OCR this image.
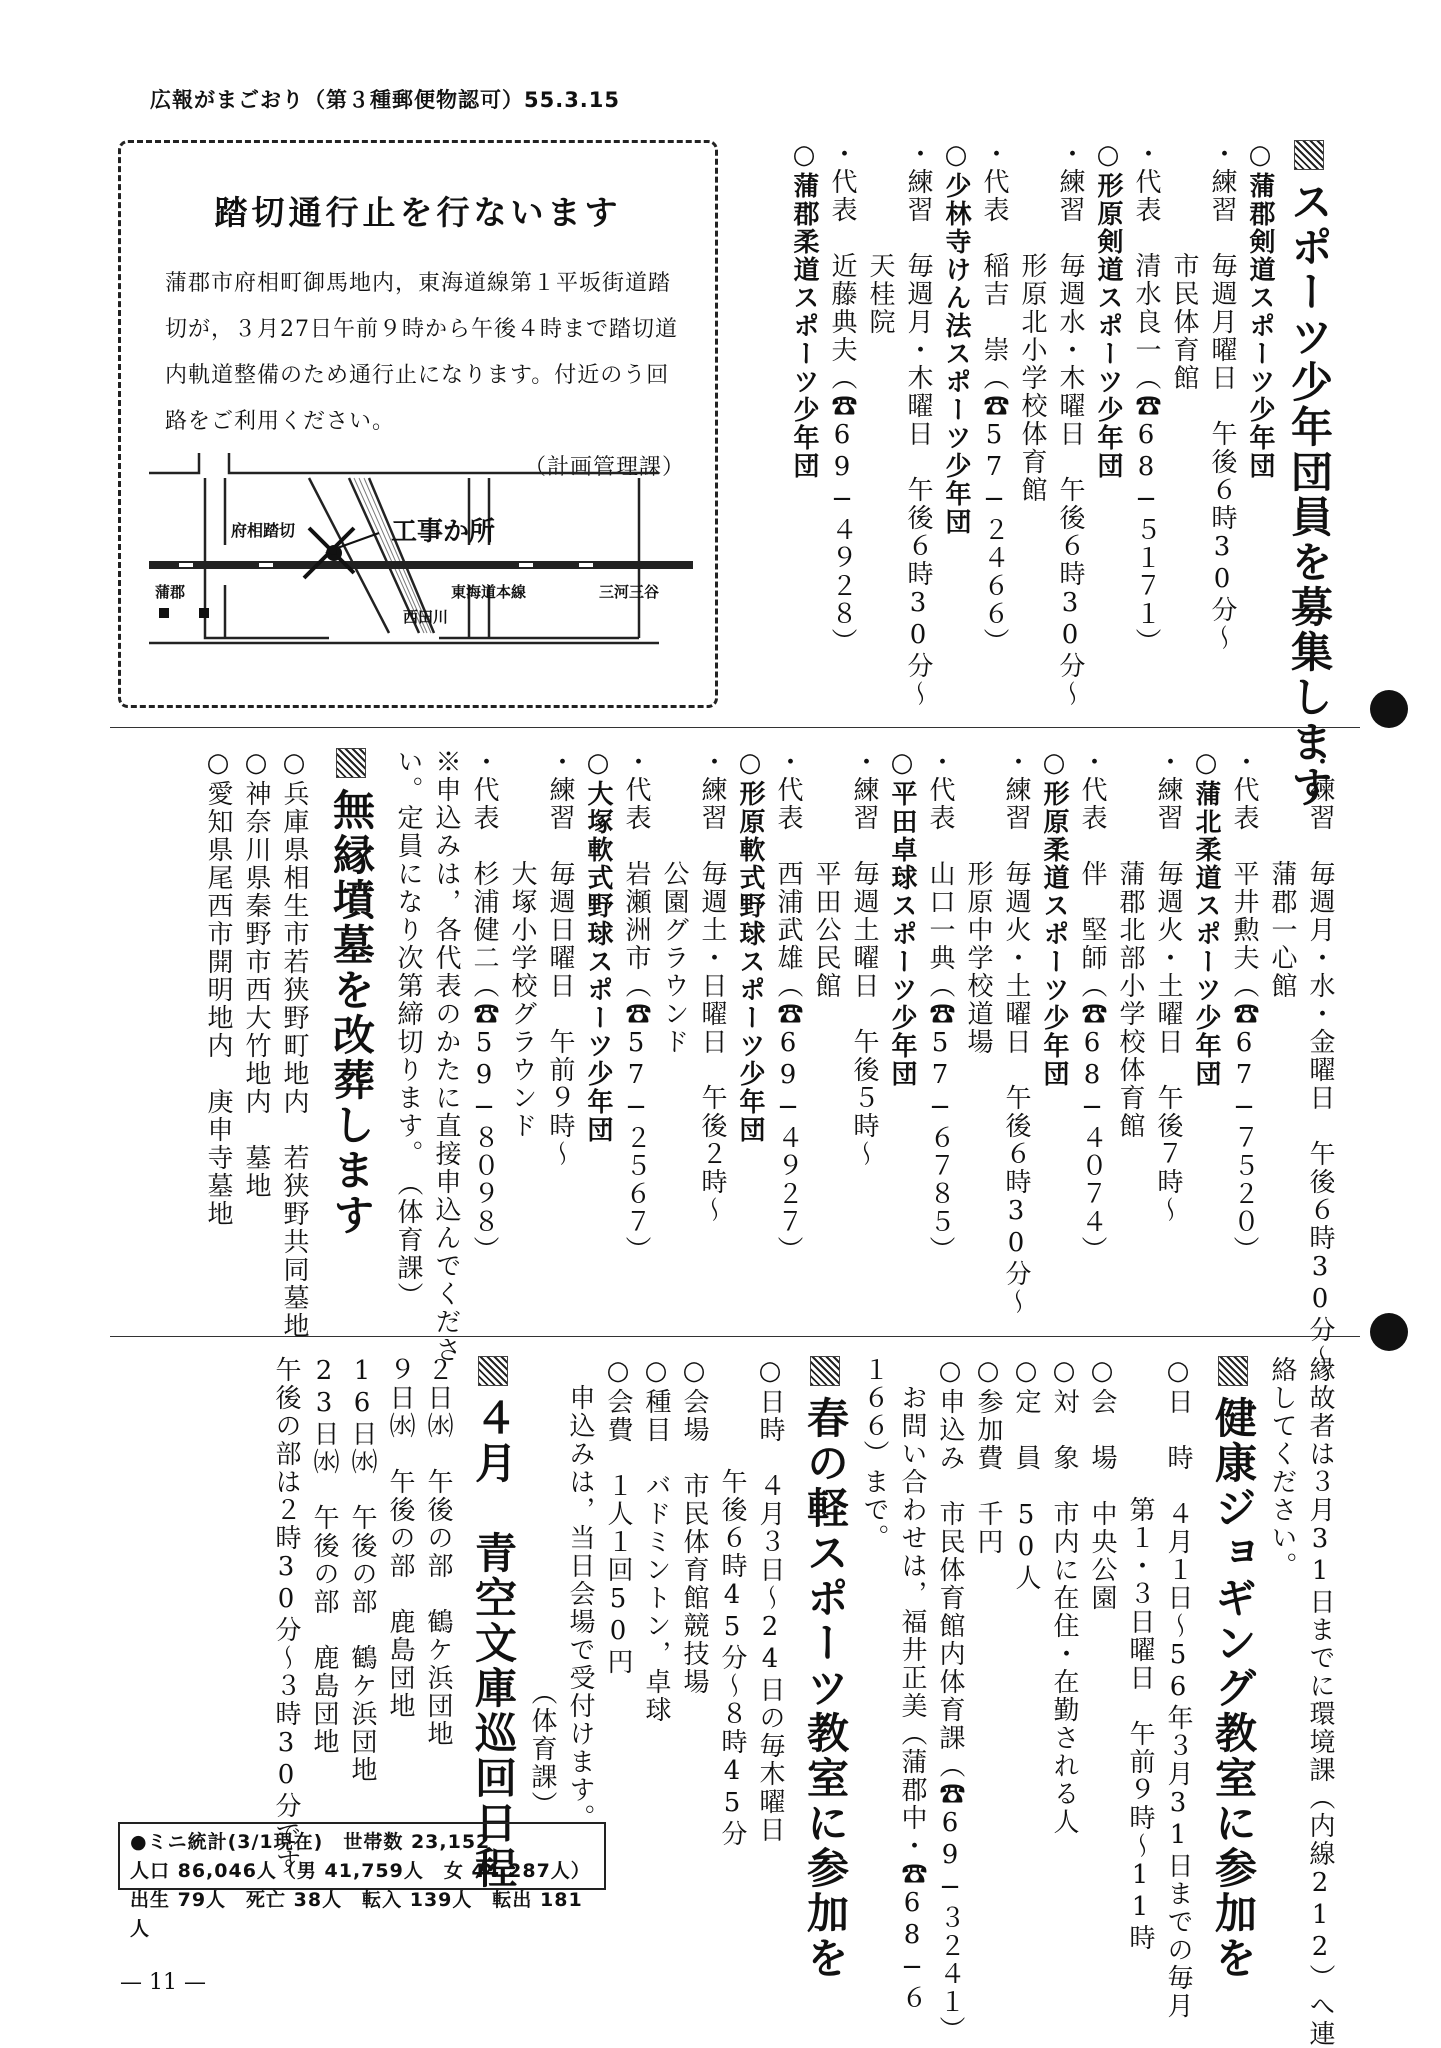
広報がまごおり（第３種郵便物認可）55.3.15
踏切通行止を行ないます
蒲郡市府相町御馬地内，東海道線第１平坂街道踏切が，３月27日午前９時から午後４時まで踏切道内軌道整備のため通行止になります。付近のう回路をご利用ください。
（計画管理課）
府相踏切	工事か所
蒲郡	東海道本線	三河三谷
西田川	スポーツ少年団員を募集します
○蒲郡剣道スポーツ少年団
・練習　毎週月曜日　午後６時30分〜
　　　　市民体育館
・代表　清水良一（☎68−５１７１）
○形原剣道スポーツ少年団
・練習　毎週水・木曜日　午後６時30分〜
　　　　形原北小学校体育館
・代表　稲吉　崇（☎57−２４６６）
○少林寺けん法スポーツ少年団
・練習　毎週月・木曜日　午後６時30分〜
　　　　天桂院
・代表　近藤典夫（☎69−４９２８）
○蒲郡柔道スポーツ少年団
・練習　毎週月・水・金曜日　午後６時30分〜
　　　　蒲郡一心館
・代表　平井勲夫（☎67−７５２０）
○蒲北柔道スポーツ少年団
・練習　毎週火・土曜日　午後７時〜
　　　　蒲郡北部小学校体育館
・代表　伴　堅師（☎68−４０７４）
○形原柔道スポーツ少年団
・練習　毎週火・土曜日　午後６時30分〜
　　　　形原中学校道場
・代表　山口一典（☎57−６７８５）
○平田卓球スポーツ少年団
・練習　毎週土曜日　午後５時〜
　　　　平田公民館
・代表　西浦武雄（☎69−４９２７）
○形原軟式野球スポーツ少年団
・練習　毎週土・日曜日　午後２時〜
　　　　公園グラウンド
・代表　岩瀬洲市（☎57−２５６７）
○大塚軟式野球スポーツ少年団
・練習　毎週日曜日　午前９時〜
　　　　大塚小学校グラウンド
・代表　杉浦健二（☎59−８０９８）
※申込みは，各代表のかたに直接申込んでくださ
い。定員になり次第締切ります。　（体育課）
無縁墳墓を改葬します
○兵庫県相生市若狭野町地内　若狭野共同墓地
○神奈川県秦野市西大竹地内　墓地
○愛知県尾西市開明地内　庚申寺墓地
縁故者は３月31日までに環境課（内線212）へ連
絡してください。
健康ジョギング教室に参加を
○日　時　４月１日〜56年３月31日までの毎月
　　　　　第１・３日曜日　午前９時〜11時
○会　場　中央公園
○対　象　市内に在住・在勤される人
○定　員　50人
○参加費　千円
○申込み　市民体育館内体育課（☎69−３２４１）
　お問い合わせは，福井正美（蒲郡中・☎68−６
１６６）まで。
春の軽スポーツ教室に参加を
○日時　４月３日〜24日の毎木曜日
　　　　午後６時45分〜８時45分
○会場　市民体育館競技場
○種目　バドミントン，卓球
○会費　１人１回50円
　申込みは，当日会場で受付けます。
　　　　　　　　　　　　（体育課）
４月　青空文庫巡回日程
２日㈬　午後の部　鶴ケ浜団地
９日㈬　午後の部　鹿島団地
16日㈬　午後の部　鶴ケ浜団地
23日㈬　午後の部　鹿島団地
午後の部は２時30分〜３時30分です
●ミニ統計(3/1現在)　世帯数 23,152
人口 86,046人（男 41,759人　女 44,287人）
出生 79人　死亡 38人　転入 139人　転出 181人
— 11 —
